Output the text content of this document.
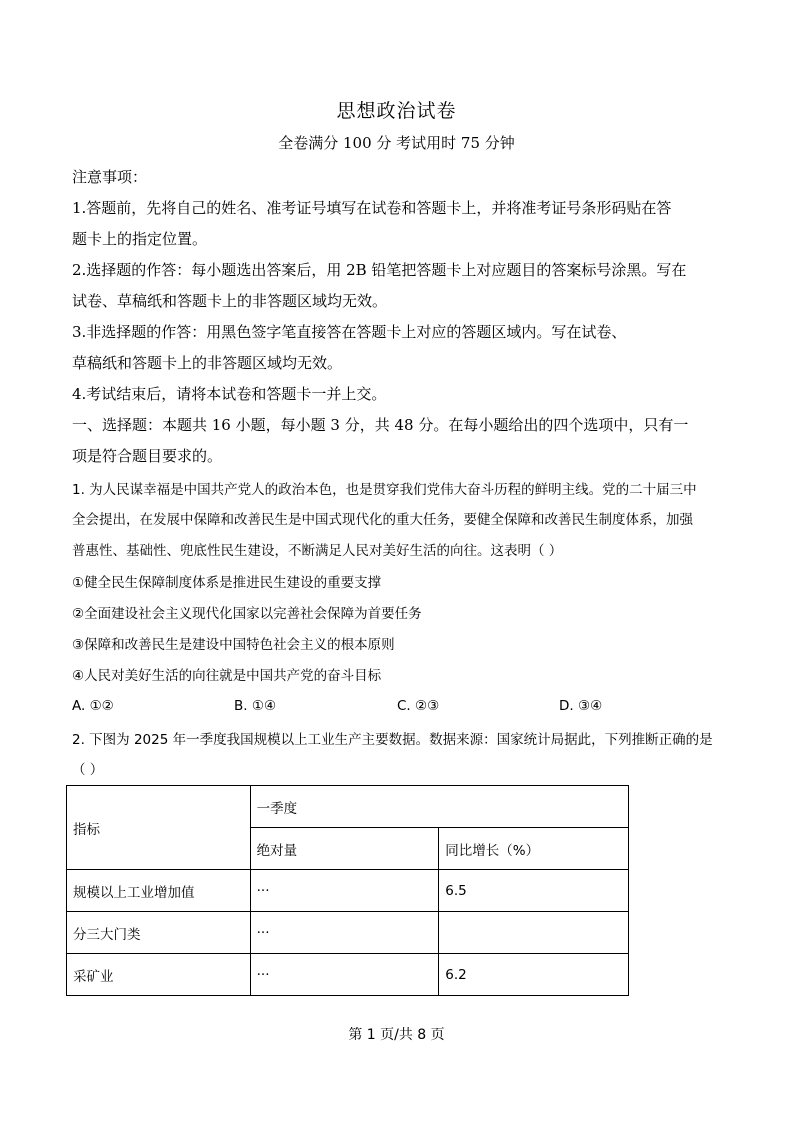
思想政治试卷
全卷满分 100 分 考试用时 75 分钟
注意事项：
1.答题前，先将自己的姓名、准考证号填写在试卷和答题卡上，并将准考证号条形码贴在答
题卡上的指定位置。
2.选择题的作答：每小题选出答案后，用 2B 铅笔把答题卡上对应题目的答案标号涂黑。写在
试卷、草稿纸和答题卡上的非答题区域均无效。
3.非选择题的作答：用黑色签字笔直接答在答题卡上对应的答题区域内。写在试卷、
草稿纸和答题卡上的非答题区域均无效。
4.考试结束后，请将本试卷和答题卡一并上交。
一、选择题：本题共 16 小题，每小题 3 分，共 48 分。在每小题给出的四个选项中，只有一
项是符合题目要求的。
1. 为人民谋幸福是中国共产党人的政治本色，也是贯穿我们党伟大奋斗历程的鲜明主线。党的二十届三中
全会提出，在发展中保障和改善民生是中国式现代化的重大任务，要健全保障和改善民生制度体系，加强
普惠性、基础性、兜底性民生建设，不断满足人民对美好生活的向往。这表明（ ）
①健全民生保障制度体系是推进民生建设的重要支撑
②全面建设社会主义现代化国家以完善社会保障为首要任务
③保障和改善民生是建设中国特色社会主义的根本原则
④人民对美好生活的向往就是中国共产党的奋斗目标
A. ①②	B. ①④	C. ②③	D. ③④
2. 下图为 2025 年一季度我国规模以上工业生产主要数据。数据来源：国家统计局据此，下列推断正确的是
（ ）
指标	一季度	
	绝对量	同比增长（%）
规模以上工业增加值	···	6.5
分三大门类	···	
采矿业	···	6.2
第 1 页/共 8 页
